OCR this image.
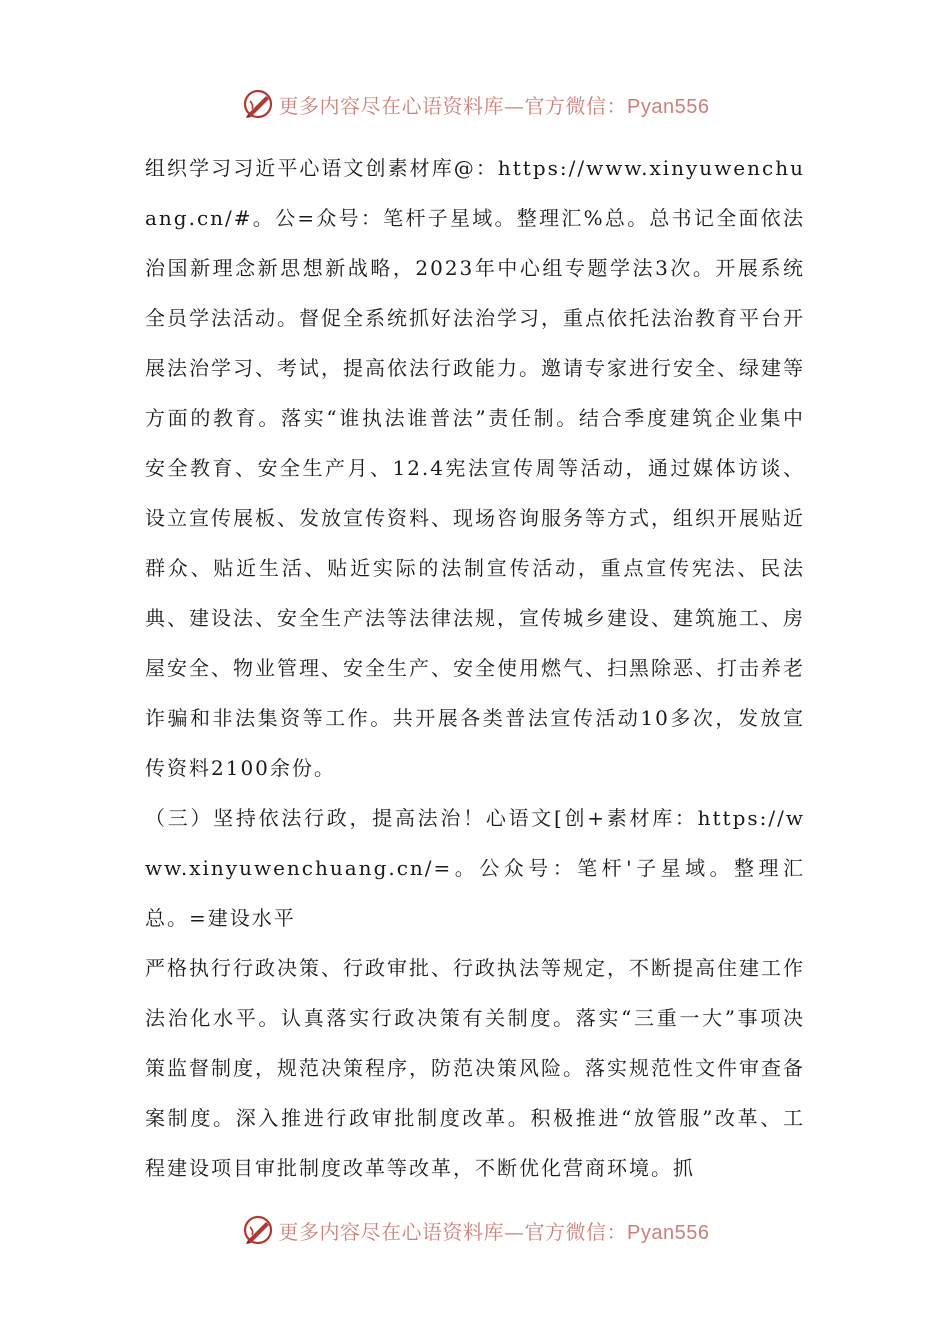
更多内容尽在心语资料库—官方微信：Pyan556

组织学习习近平心语文创素材库@：https://www.xinyuwenchuang.cn/#。公=众号：笔杆子星域。整理汇%总。总书记全面依法治国新理念新思想新战略，2023年中心组专题学法3次。开展系统全员学法活动。督促全系统抓好法治学习，重点依托法治教育平台开展法治学习、考试，提高依法行政能力。邀请专家进行安全、绿建等方面的教育。落实“谁执法谁普法”责任制。结合季度建筑企业集中安全教育、安全生产月、12.4宪法宣传周等活动，通过媒体访谈、设立宣传展板、发放宣传资料、现场咨询服务等方式，组织开展贴近群众、贴近生活、贴近实际的法制宣传活动，重点宣传宪法、民法典、建设法、安全生产法等法律法规，宣传城乡建设、建筑施工、房屋安全、物业管理、安全生产、安全使用燃气、扫黑除恶、打击养老诈骗和非法集资等工作。共开展各类普法宣传活动10多次，发放宣传资料2100余份。

（三）坚持依法行政，提高法治！心语文[创+素材库：https://www.xinyuwenchuang.cn/=。公众号：笔杆'子星域。整理汇总。=建设水平

严格执行行政决策、行政审批、行政执法等规定，不断提高住建工作法治化水平。认真落实行政决策有关制度。落实“三重一大”事项决策监督制度，规范决策程序，防范决策风险。落实规范性文件审查备案制度。深入推进行政审批制度改革。积极推进“放管服”改革、工程建设项目审批制度改革等改革，不断优化营商环境。抓

更多内容尽在心语资料库—官方微信：Pyan556
